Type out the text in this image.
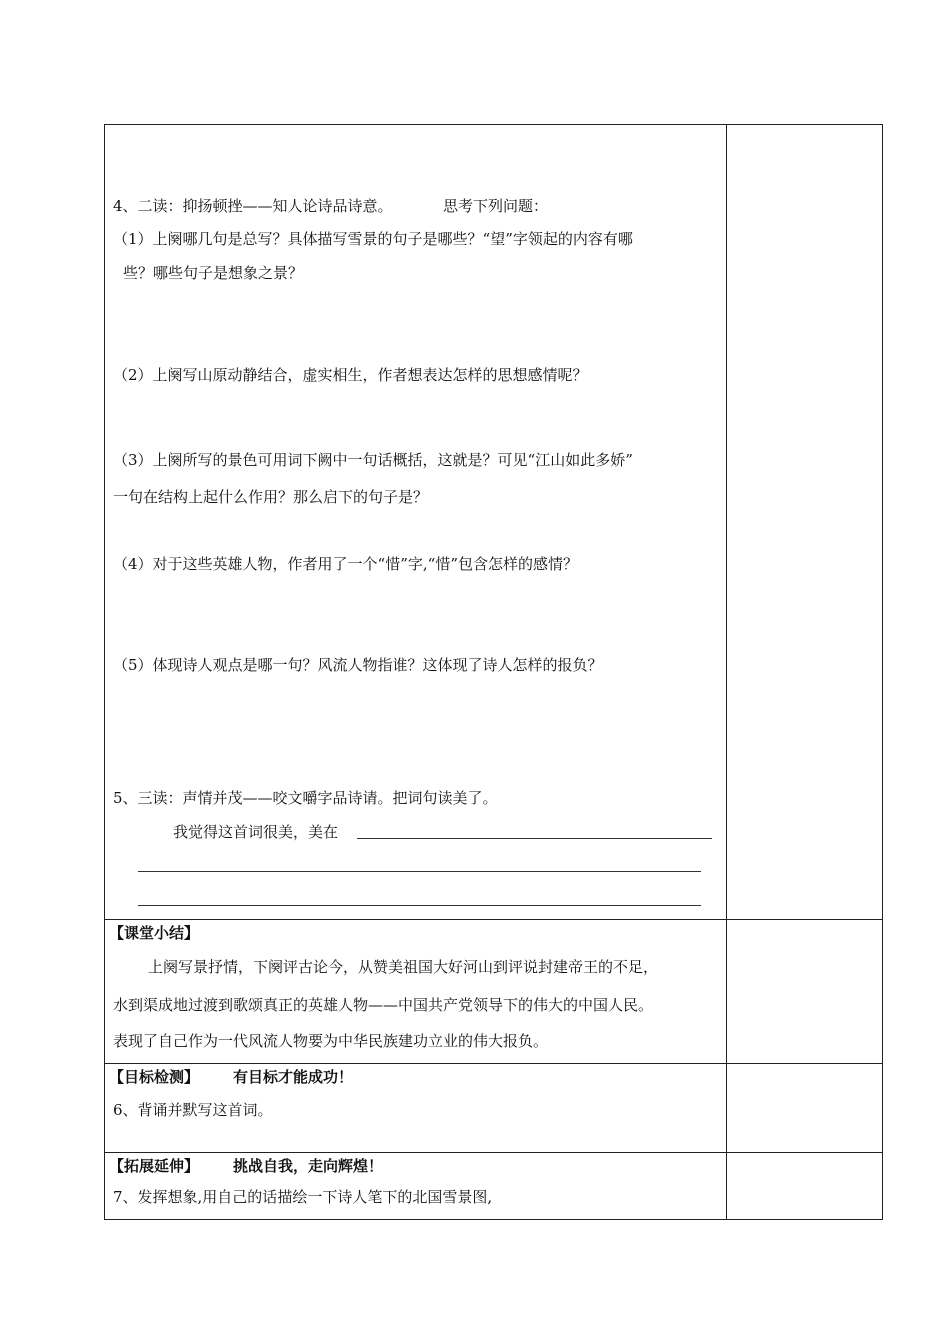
4、二读：抑扬顿挫——知人论诗品诗意。	思考下列问题：
（1）上阕哪几句是总写？具体描写雪景的句子是哪些？“望”字领起的内容有哪
些？哪些句子是想象之景？
（2）上阕写山原动静结合，虚实相生，作者想表达怎样的思想感情呢？
（3）上阕所写的景色可用词下阙中一句话概括，这就是？可见“江山如此多娇”
一句在结构上起什么作用？那么启下的句子是？
（4）对于这些英雄人物，作者用了一个“惜”字,“惜”包含怎样的感情？
（5）体现诗人观点是哪一句？风流人物指谁？这体现了诗人怎样的报负？
5、三读：声情并茂——咬文嚼字品诗请。把词句读美了。
我觉得这首词很美，美在
【课堂小结】
上阕写景抒情，下阕评古论今，从赞美祖国大好河山到评说封建帝王的不足，
水到渠成地过渡到歌颂真正的英雄人物——中国共产党领导下的伟大的中国人民。
表现了自己作为一代风流人物要为中华民族建功立业的伟大报负。
【目标检测】 有目标才能成功！
6、背诵并默写这首词。
【拓展延伸】 挑战自我，走向辉煌！
7、发挥想象,用自己的话描绘一下诗人笔下的北国雪景图,
